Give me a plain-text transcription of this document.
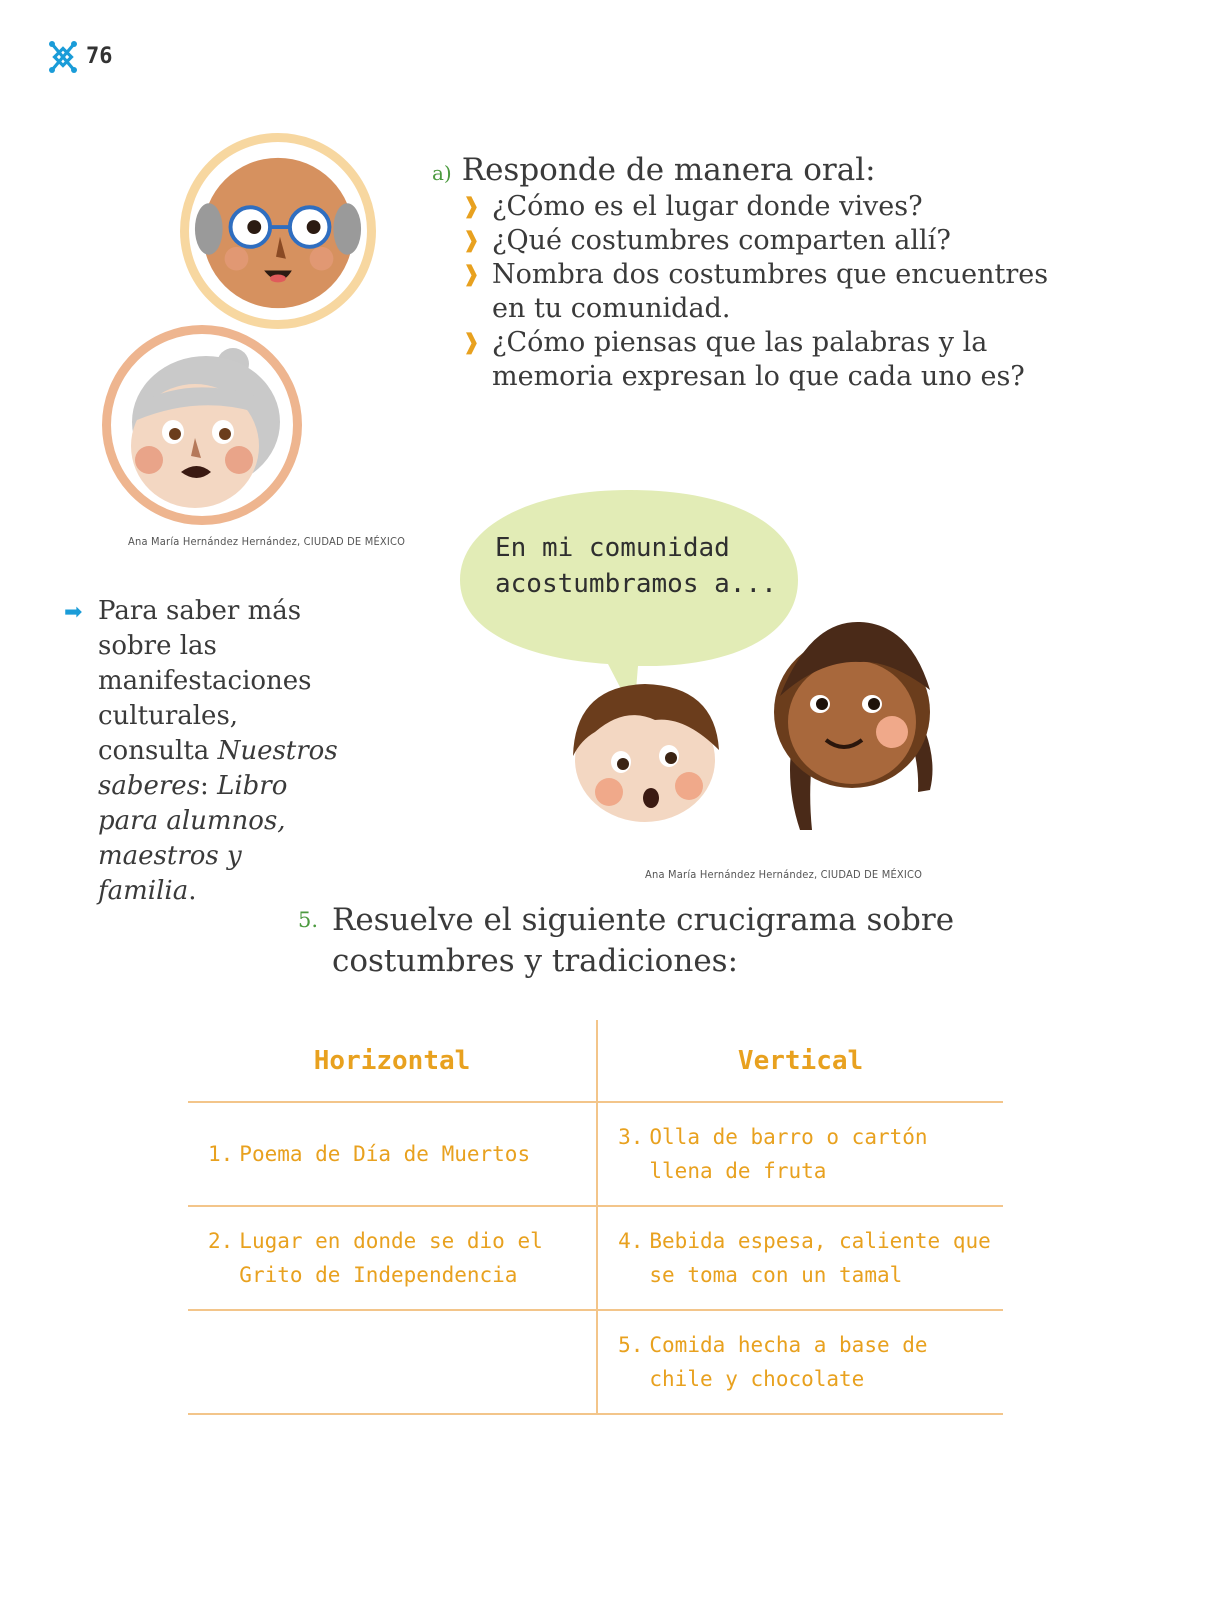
76
Ana María Hernández Hernández, CIUDAD DE MÉXICO
a) Responde de manera oral:
❱ ¿Cómo es el lugar donde vives?
❱ ¿Qué costumbres comparten allí?
❱ Nombra dos costumbres que encuentres en tu comunidad.
❱ ¿Cómo piensas que las palabras y la memoria expresan lo que cada uno es?
En mi comunidad acostumbramos a...
Ana María Hernández Hernández, CIUDAD DE MÉXICO
➡ Para saber más sobre las manifestaciones culturales, consulta Nuestros saberes: Libro para alumnos, maestros y familia.
5. Resuelve el siguiente crucigrama sobre costumbres y tradiciones:
Horizontal	Vertical

1. Poema de Día de Muertos	3. Olla de barro o cartón llena de fruta

2. Lugar en donde se dio el Grito de Independencia	4. Bebida espesa, caliente que se toma con un tamal

	5. Comida hecha a base de chile y chocolate
